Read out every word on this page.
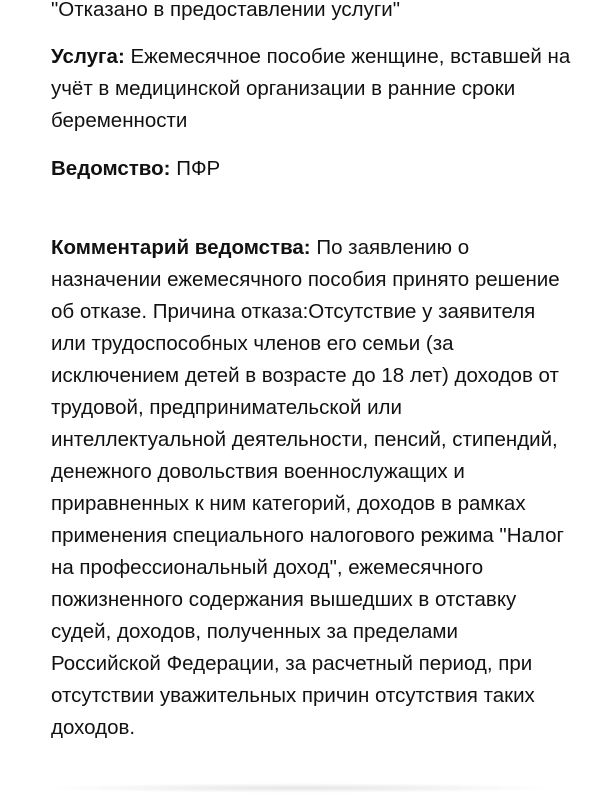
"Отказано в предоставлении услуги"

Услуга: Ежемесячное пособие женщине, вставшей на учёт в медицинской организации в ранние сроки беременности

Ведомство: ПФР

Комментарий ведомства: По заявлению о назначении ежемесячного пособия принято решение об отказе. Причина отказа:Отсутствие у заявителя или трудоспособных членов его семьи (за исключением детей в возрасте до 18 лет) доходов от трудовой, предпринимательской или интеллектуальной деятельности, пенсий, стипендий, денежного довольствия военнослужащих и приравненных к ним категорий, доходов в рамках применения специального налогового режима "Налог на профессиональный доход", ежемесячного пожизненного содержания вышедших в отставку судей, доходов, полученных за пределами Российской Федерации, за расчетный период, при отсутствии уважительных причин отсутствия таких доходов.
